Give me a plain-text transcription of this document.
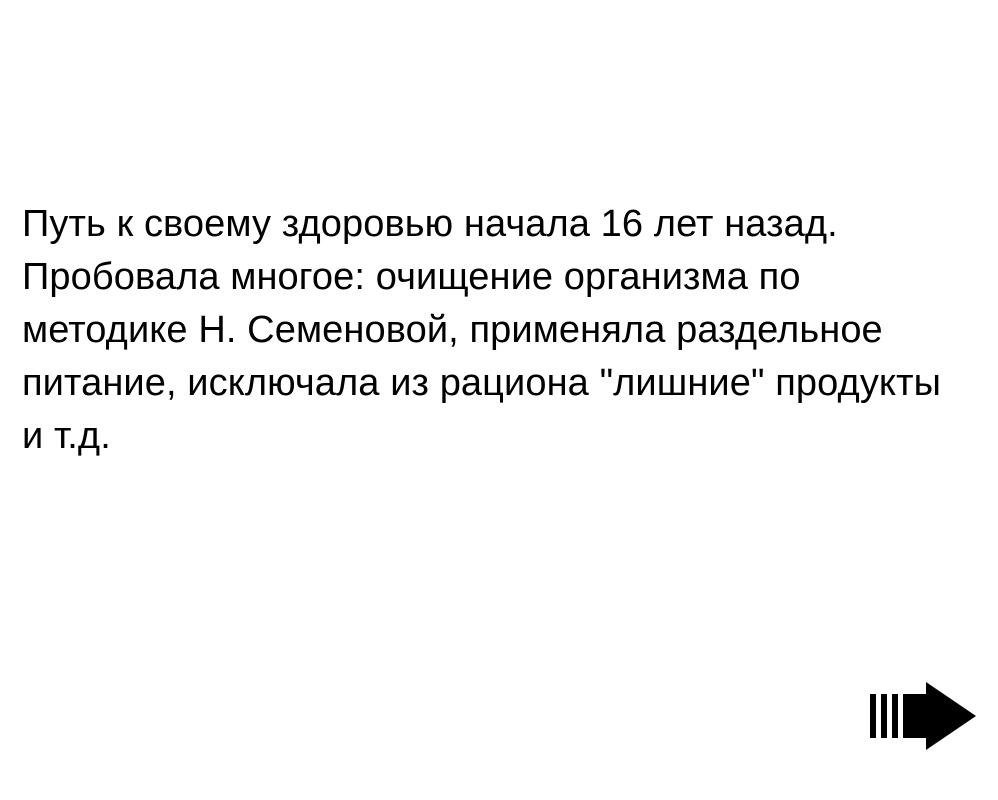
Путь к своему здоровью начала 16 лет назад. Пробовала многое: очищение организма по методике Н. Семеновой, применяла раздельное питание, исключала из рациона "лишние" продукты и т.д.
